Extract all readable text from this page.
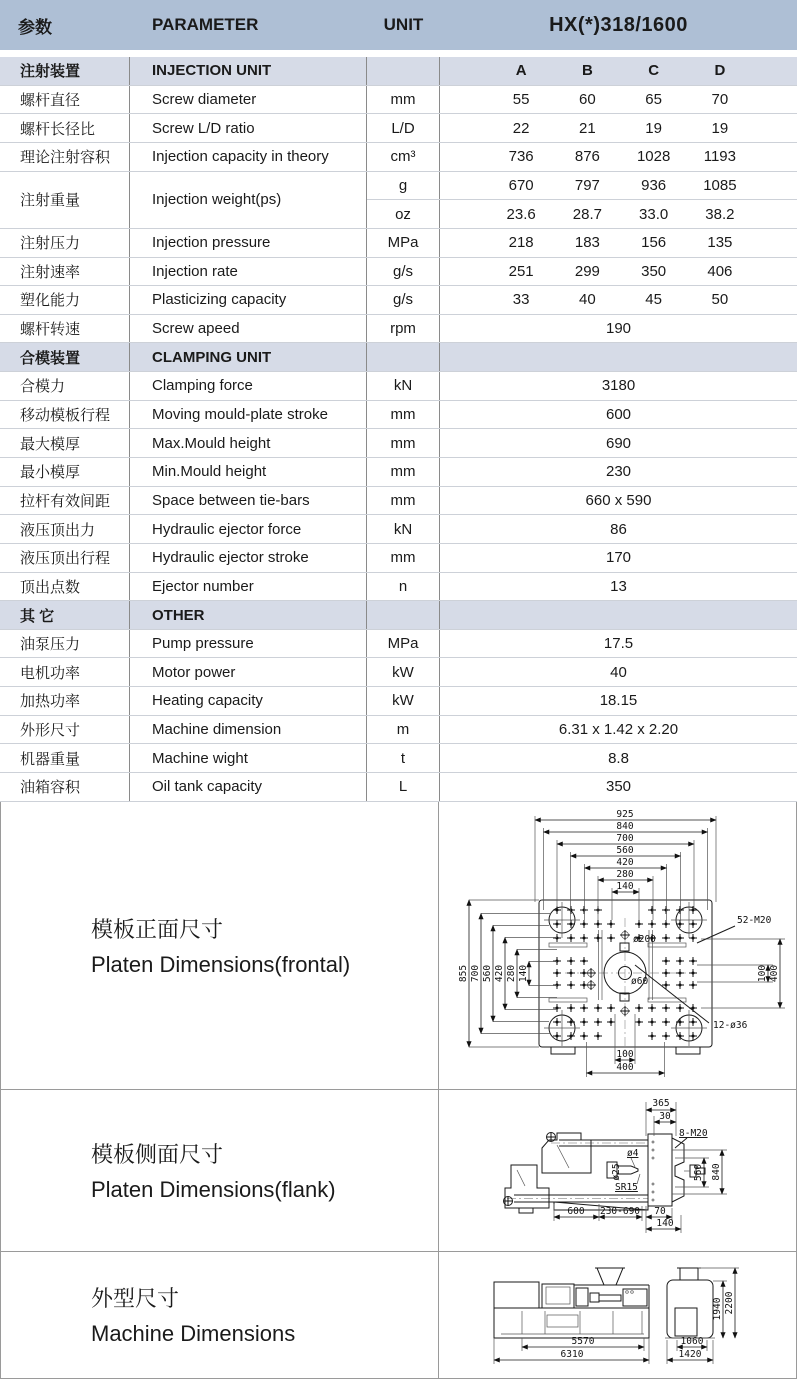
参数	PARAMETER	UNIT	HX(*)318/1600
注射装置	INJECTION UNIT	A	B	C	D
螺杆直径	Screw diameter	mm	55	60	65	70
螺杆长径比	Screw L/D ratio	L/D	22	21	19	19
理论注射容积	Injection capacity in theory	cm³	736	876	1028	1193
注射重量	Injection weight(ps)
g	670	797	936	1085
oz	23.6	28.7	33.0	38.2
注射压力	Injection pressure	MPa	218	183	156	135
注射速率	Injection rate	g/s	251	299	350	406
塑化能力	Plasticizing capacity	g/s	33	40	45	50
螺杆转速	Screw apeed	rpm	190
合模装置	CLAMPING UNIT
合模力	Clamping force	kN	3180
移动模板行程	Moving mould-plate stroke	mm	600
最大模厚	Max.Mould height	mm	690
最小模厚	Min.Mould height	mm	230
拉杆有效间距	Space between tie-bars	mm	660 x 590
液压顶出力	Hydraulic ejector force	kN	86
液压顶出行程	Hydraulic ejector stroke	mm	170
顶出点数	Ejector number	n	13
其 它	OTHER
油泵压力	Pump pressure	MPa	17.5
电机功率	Motor power	kW	40
加热功率	Heating capacity	kW	18.15
外形尺寸	Machine dimension	m	6.31 x 1.42 x 2.20
机器重量	Machine wight	t	8.8
油箱容积	Oil tank capacity	L	350
模板正面尺寸
Platen Dimensions(frontal)
925
840
700
560
420
280
140
855 700 560 420 280 140	100 400
100
400
52-M20
12-ø36
ø200
ø60
模板侧面尺寸
Platen Dimensions(flank)
365
30
8-M20
ø4
ø25
SR15
560 840
600 230-690 70
140
外型尺寸
Machine Dimensions	5570
6310
1060
1420
1940 2200
